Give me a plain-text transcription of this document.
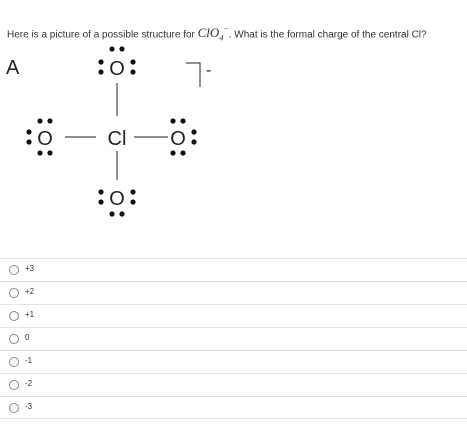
Here is a picture of a possible structure for ClO$_4$−. What is the formal charge of the central Cl?
A
Cl
O
O	O
O
-
+3
+2
+1
0
-1
-2
-3
